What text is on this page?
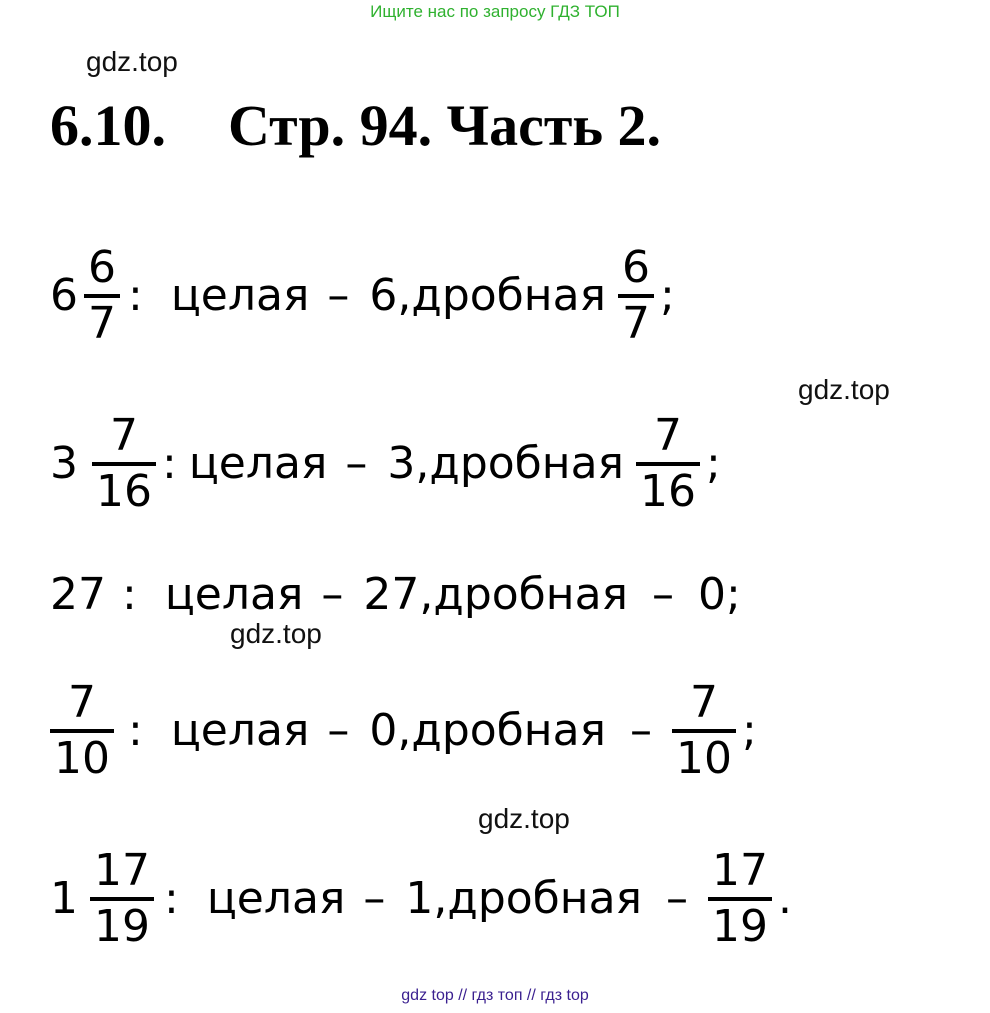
Ищите нас по запросу ГДЗ ТОП
gdz.top
gdz.top
gdz.top
gdz.top
6.10. Стр. 94. Часть 2.
$6 \frac{6}{7}$ : целая – 6, дробная $\frac{6}{7}$ ;
$3 \frac{7}{16}$ : целая – 3, дробная $\frac{7}{16}$ ;
27 : целая – 27, дробная – 0 ;
$\frac{7}{10}$ : целая – 0, дробная – $\frac{7}{10}$ ;
$1 \frac{17}{19}$ : целая – 1, дробная – $\frac{17}{19}$ .
gdz top // гдз топ // гдз top
